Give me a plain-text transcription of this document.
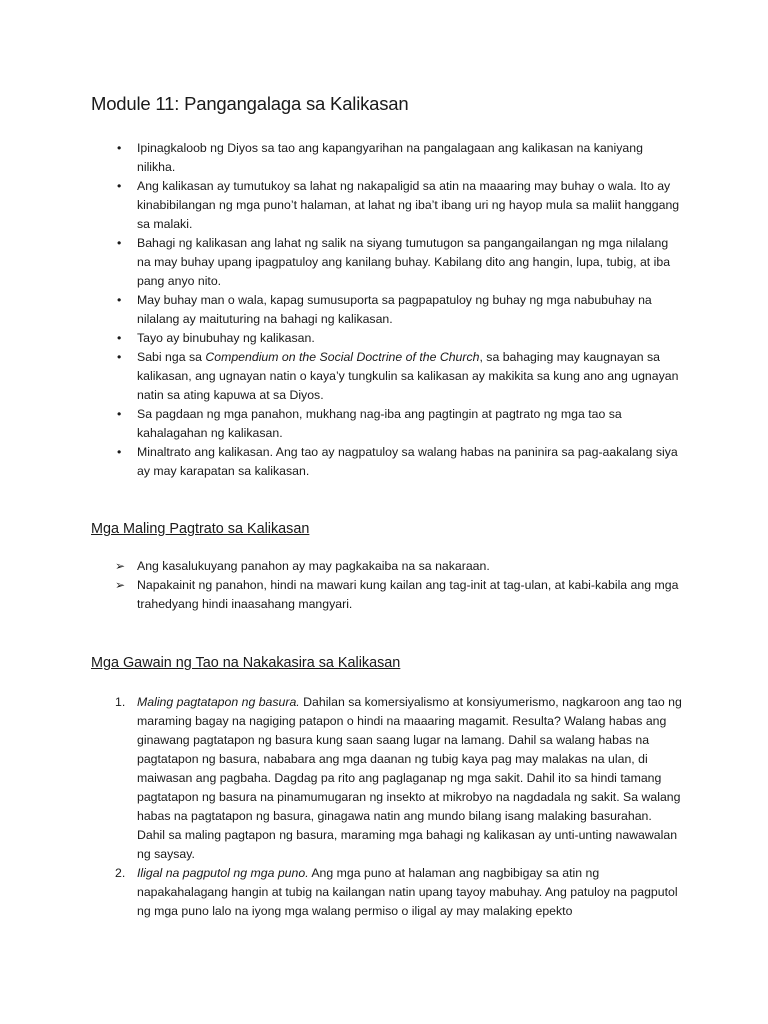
Module 11: Pangangalaga sa Kalikasan
• Ipinagkaloob ng Diyos sa tao ang kapangyarihan na pangalagaan ang kalikasan na kaniyang nilikha.
• Ang kalikasan ay tumutukoy sa lahat ng nakapaligid sa atin na maaaring may buhay o wala. Ito ay kinabibilangan ng mga puno’t halaman, at lahat ng iba’t ibang uri ng hayop mula sa maliit hanggang sa malaki.
• Bahagi ng kalikasan ang lahat ng salik na siyang tumutugon sa pangangailangan ng mga nilalang na may buhay upang ipagpatuloy ang kanilang buhay. Kabilang dito ang hangin, lupa, tubig, at iba pang anyo nito.
• May buhay man o wala, kapag sumusuporta sa pagpapatuloy ng buhay ng mga nabubuhay na nilalang ay maituturing na bahagi ng kalikasan.
• Tayo ay binubuhay ng kalikasan.
• Sabi nga sa Compendium on the Social Doctrine of the Church, sa bahaging may kaugnayan sa kalikasan, ang ugnayan natin o kaya’y tungkulin sa kalikasan ay makikita sa kung ano ang ugnayan natin sa ating kapuwa at sa Diyos.
• Sa pagdaan ng mga panahon, mukhang nag-iba ang pagtingin at pagtrato ng mga tao sa kahalagahan ng kalikasan.
• Minaltrato ang kalikasan. Ang tao ay nagpatuloy sa walang habas na paninira sa pag-aakalang siya ay may karapatan sa kalikasan.
Mga Maling Pagtrato sa Kalikasan
➢ Ang kasalukuyang panahon ay may pagkakaiba na sa nakaraan.
➢ Napakainit ng panahon, hindi na mawari kung kailan ang tag-init at tag-ulan, at kabi-kabila ang mga trahedyang hindi inaasahang mangyari.
Mga Gawain ng Tao na Nakakasira sa Kalikasan
1. Maling pagtatapon ng basura. Dahilan sa komersiyalismo at konsiyumerismo, nagkaroon ang tao ng maraming bagay na nagiging patapon o hindi na maaaring magamit. Resulta? Walang habas ang ginawang pagtatapon ng basura kung saan saang lugar na lamang. Dahil sa walang habas na pagtatapon ng basura, nababara ang mga daanan ng tubig kaya pag may malakas na ulan, di maiwasan ang pagbaha. Dagdag pa rito ang paglaganap ng mga sakit. Dahil ito sa hindi tamang pagtatapon ng basura na pinamumugaran ng insekto at mikrobyo na nagdadala ng sakit. Sa walang habas na pagtatapon ng basura, ginagawa natin ang mundo bilang isang malaking basurahan. Dahil sa maling pagtapon ng basura, maraming mga bahagi ng kalikasan ay unti-unting nawawalan ng saysay.
2. Iligal na pagputol ng mga puno. Ang mga puno at halaman ang nagbibigay sa atin ng napakahalagang hangin at tubig na kailangan natin upang tayoy mabuhay. Ang patuloy na pagputol ng mga puno lalo na iyong mga walang permiso o iligal ay may malaking epekto
